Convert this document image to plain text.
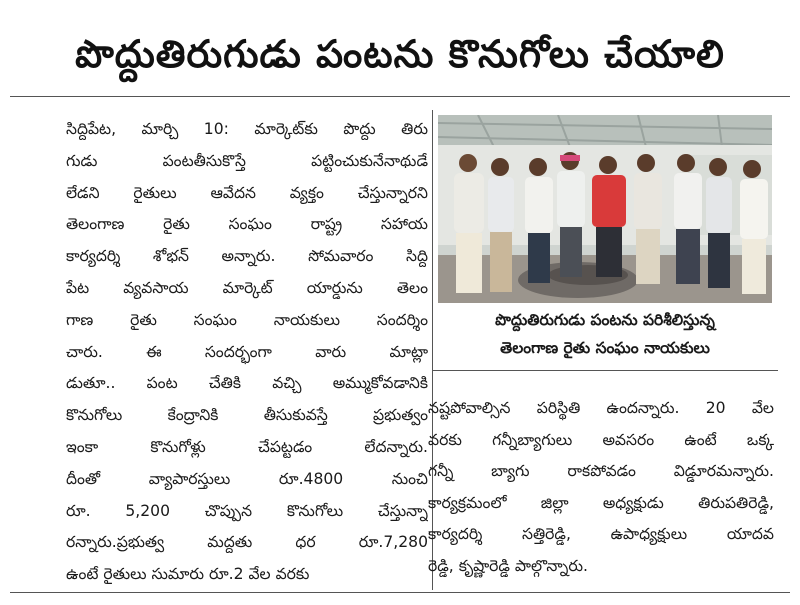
పొద్దుతిరుగుడు పంటను కొనుగోలు చేయాలి
సిద్దిపేట, మార్చి 10: మార్కెట్‌కు పొద్దు తిరు
గుడు పంటతీసుకొస్తే పట్టించుకునేనాథుడే
లేడని రైతులు ఆవేదన వ్యక్తం చేస్తున్నారని
తెలంగాణ రైతు సంఘం రాష్ట్ర సహాయ
కార్యదర్శి శోభన్ అన్నారు. సోమవారం సిద్ది
పేట వ్యవసాయ మార్కెట్ యార్డును తెలం
గాణ రైతు సంఘం నాయకులు సందర్శిం
చారు. ఈ సందర్భంగా వారు మాట్లా
డుతూ.. పంట చేతికి వచ్చి అమ్ముకోవడానికి
కొనుగోలు కేంద్రానికి తీసుకువస్తే ప్రభుత్వం
ఇంకా కొనుగోళ్లు చేపట్టడం లేదన్నారు.
దీంతో వ్యాపారస్తులు రూ.4800 నుంచి
రూ. 5,200 చొప్పున కొనుగోలు చేస్తున్నా
రన్నారు.ప్రభుత్వ మద్దతు ధర రూ.7,280
ఉంటే రైతులు సుమారు రూ.2 వేల వరకు
పొద్దుతిరుగుడు పంటను పరిశీలిస్తున్న
తెలంగాణ రైతు సంఘం నాయకులు
నష్టపోవాల్సిన పరిస్థితి ఉందన్నారు. 20 వేల
వరకు గన్నీబ్యాగులు అవసరం ఉంటే ఒక్క
గన్నీ బ్యాగు రాకపోవడం విడ్డూరమన్నారు.
కార్యక్రమంలో జిల్లా అధ్యక్షుడు తిరుపతిరెడ్డి,
కార్యదర్శి సత్తిరెడ్డి, ఉపాధ్యక్షులు యాదవ
రెడ్డి, కృష్ణారెడ్డి పాల్గొన్నారు.
